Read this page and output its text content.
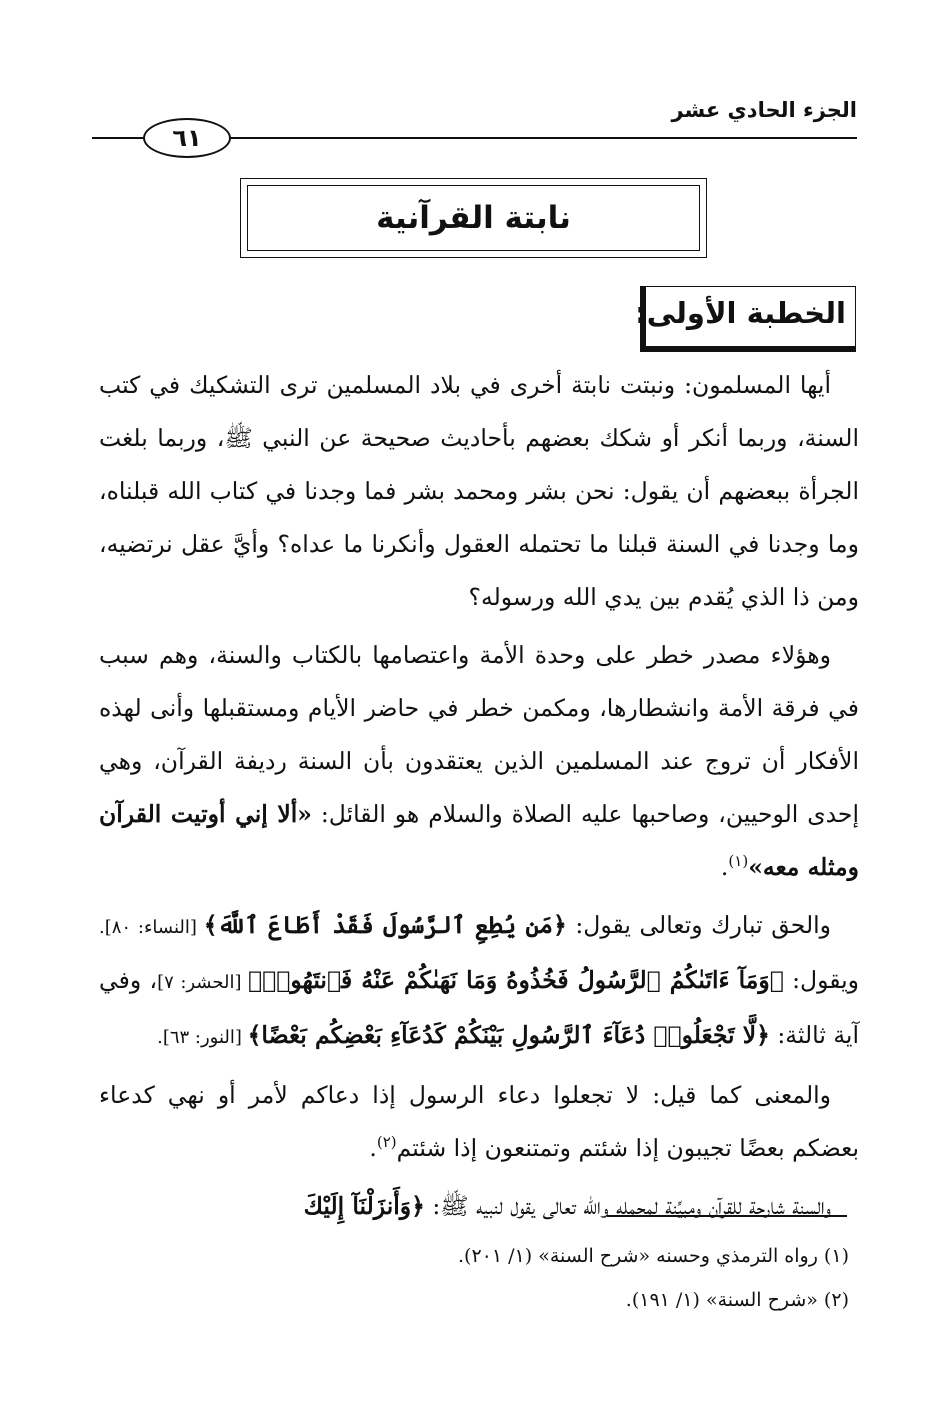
الجزء الحادي عشر
٦١
نابتة القرآنية
الخطبة الأولى:

أيها المسلمون: ونبتت نابتة أخرى في بلاد المسلمين ترى التشكيك في كتب السنة، وربما أنكر أو شكك بعضهم بأحاديث صحيحة عن النبي ﷺ، وربما بلغت الجرأة ببعضهم أن يقول: نحن بشر ومحمد بشر فما وجدنا في كتاب الله قبلناه، وما وجدنا في السنة قبلنا ما تحتمله العقول وأنكرنا ما عداه؟ وأيَّ عقل نرتضيه، ومن ذا الذي يُقدم بين يدي الله ورسوله؟

وهؤلاء مصدر خطر على وحدة الأمة واعتصامها بالكتاب والسنة، وهم سبب في فرقة الأمة وانشطارها، ومكمن خطر في حاضر الأيام ومستقبلها وأنى لهذه الأفكار أن تروج عند المسلمين الذين يعتقدون بأن السنة رديفة القرآن، وهي إحدى الوحيين، وصاحبها عليه الصلاة والسلام هو القائل: «ألا إني أوتيت القرآن ومثله معه»$^{(١)}$.

والحق تبارك وتعالى يقول: ﴿مَن يُطِعِ ٱلرَّسُولَ فَقَدْ أَطَاعَ ٱللَّهَ﴾ [النساء: ٨٠]. ويقول: ﴿وَمَآ ءَاتَىٰكُمُ ٱلرَّسُولُ فَخُذُوهُ وَمَا نَهَىٰكُمْ عَنْهُ فَٱنتَهُوا۟﴾ [الحشر: ٧]، وفي آية ثالثة: ﴿لَّا تَجْعَلُوا۟ دُعَآءَ ٱلرَّسُولِ بَيْنَكُمْ كَدُعَآءِ بَعْضِكُم بَعْضًا﴾ [النور: ٦٣].

والمعنى كما قيل: لا تجعلوا دعاء الرسول إذا دعاكم لأمر أو نهي كدعاء بعضكم بعضًا تجيبون إذا شئتم وتمتنعون إذا شئتم$^{(٢)}$.

والسنة شارحة للقرآن ومبيِّنة لمجمله والله تعالى يقول لنبيه ﷺ: ﴿وَأَنزَلْنَآ إِلَيْكَ

(١) رواه الترمذي وحسنه «شرح السنة» (١/ ٢٠١).

(٢) «شرح السنة» (١/ ١٩١).
